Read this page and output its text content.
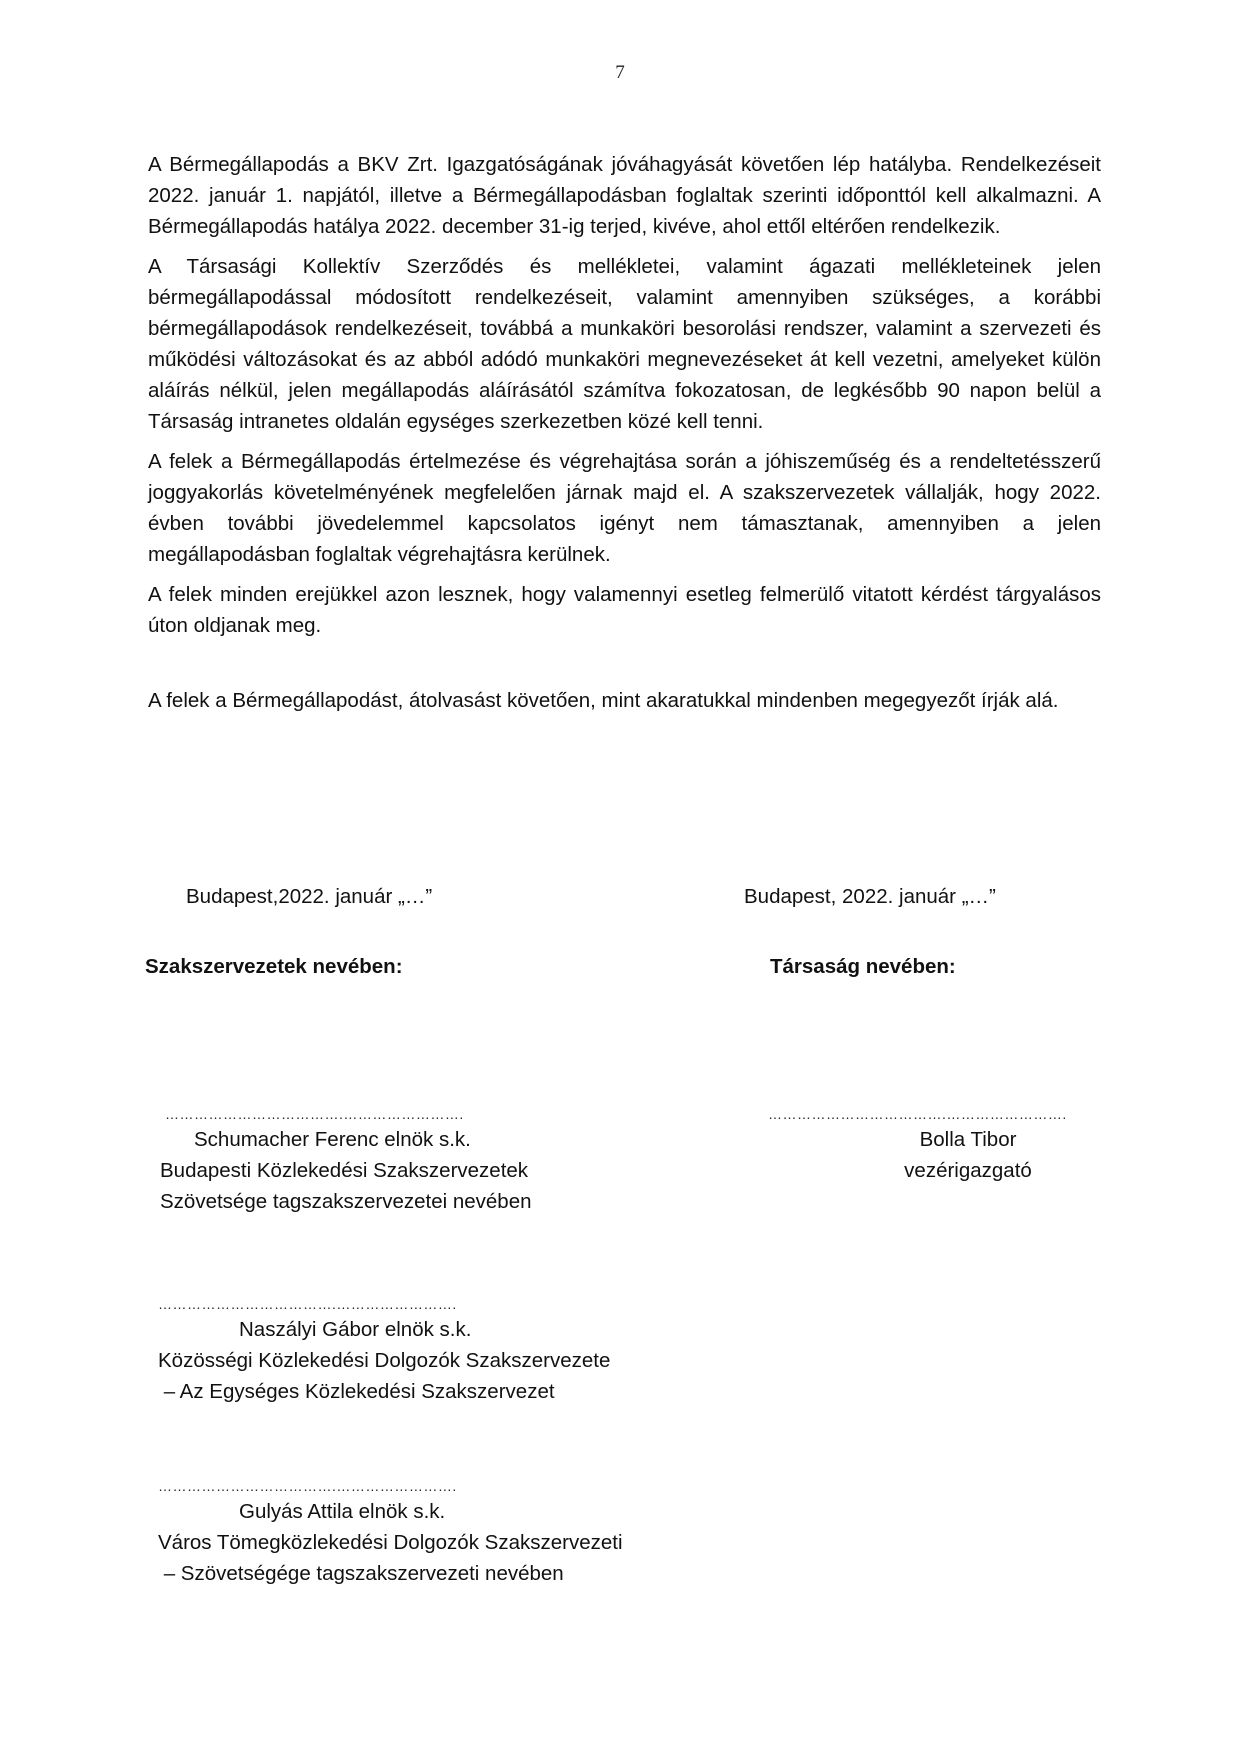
7

A Bérmegállapodás a BKV Zrt. Igazgatóságának jóváhagyását követően lép hatályba. Rendelkezéseit 2022. január 1. napjától, illetve a Bérmegállapodásban foglaltak szerinti időponttól kell alkalmazni. A Bérmegállapodás hatálya 2022. december 31-ig terjed, kivéve, ahol ettől eltérően rendelkezik.

A Társasági Kollektív Szerződés és mellékletei, valamint ágazati mellékleteinek jelen bérmegállapodással módosított rendelkezéseit, valamint amennyiben szükséges, a korábbi bérmegállapodások rendelkezéseit, továbbá a munkaköri besorolási rendszer, valamint a szervezeti és működési változásokat és az abból adódó munkaköri megnevezéseket át kell vezetni, amelyeket külön aláírás nélkül, jelen megállapodás aláírásától számítva fokozatosan, de legkésőbb 90 napon belül a Társaság intranetes oldalán egységes szerkezetben közé kell tenni.

A felek a Bérmegállapodás értelmezése és végrehajtása során a jóhiszeműség és a rendeltetésszerű joggyakorlás követelményének megfelelően járnak majd el. A szakszervezetek vállalják, hogy 2022. évben további jövedelemmel kapcsolatos igényt nem támasztanak, amennyiben a jelen megállapodásban foglaltak végrehajtásra kerülnek.

A felek minden erejükkel azon lesznek, hogy valamennyi esetleg felmerülő vitatott kérdést tárgyalásos úton oldjanak meg.

A felek a Bérmegállapodást, átolvasást követően, mint akaratukkal mindenben megegyezőt írják alá.

Budapest,2022. január „…”	Budapest, 2022. január „…”
Szakszervezetek nevében:	Társaság nevében:
……………………………….…………………….
Schumacher Ferenc elnök s.k.
Budapesti Közlekedési Szakszervezetek
Szövetsége tagszakszervezetei nevében
……………………………….…………………….
Bolla Tibor
vezérigazgató
……………………………….…………………….
Naszályi Gábor elnök s.k.
Közösségi Közlekedési Dolgozók Szakszervezete
– Az Egységes Közlekedési Szakszervezet
……………………………….…………………….
Gulyás Attila elnök s.k.
Város Tömegközlekedési Dolgozók Szakszervezeti
– Szövetségége tagszakszervezeti nevében
